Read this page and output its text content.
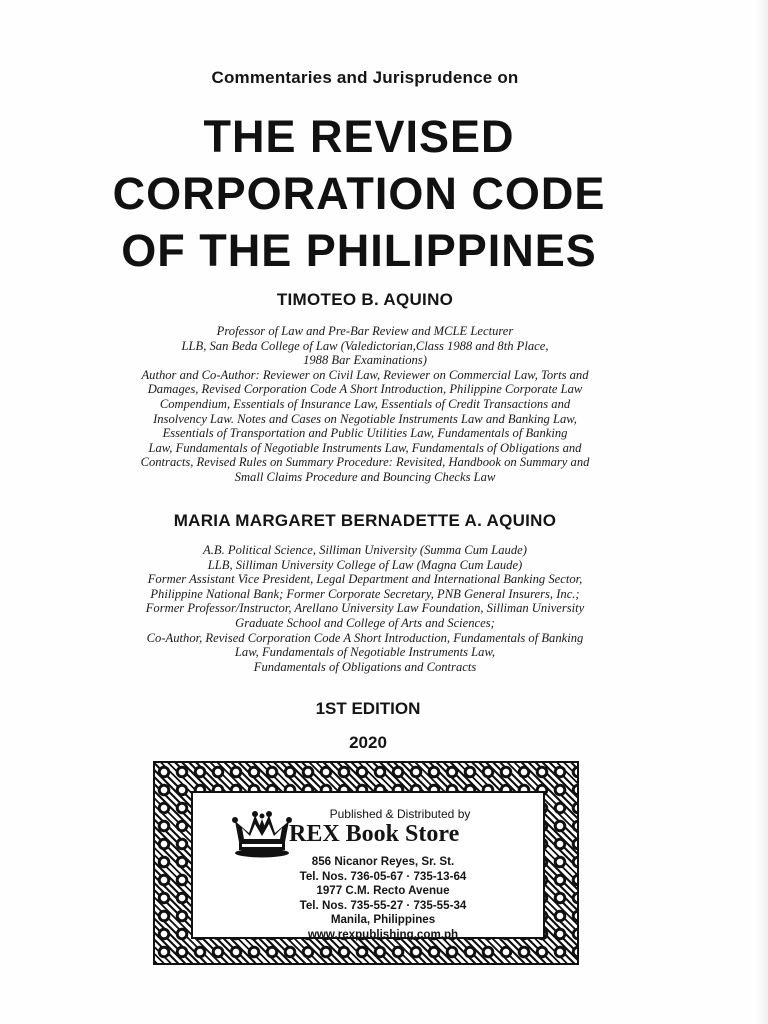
Commentaries and Jurisprudence on
THE REVISED
CORPORATION CODE
OF THE PHILIPPINES
TIMOTEO B. AQUINO
Professor of Law and Pre-Bar Review and MCLE Lecturer
LLB, San Beda College of Law (Valedictorian,Class 1988 and 8th Place,
1988 Bar Examinations)
Author and Co-Author: Reviewer on Civil Law, Reviewer on Commercial Law, Torts and
Damages, Revised Corporation Code A Short Introduction, Philippine Corporate Law
Compendium, Essentials of Insurance Law, Essentials of Credit Transactions and
Insolvency Law. Notes and Cases on Negotiable Instruments Law and Banking Law,
Essentials of Transportation and Public Utilities Law, Fundamentals of Banking
Law, Fundamentals of Negotiable Instruments Law, Fundamentals of Obligations and
Contracts, Revised Rules on Summary Procedure: Revisited, Handbook on Summary and
Small Claims Procedure and Bouncing Checks Law
MARIA MARGARET BERNADETTE A. AQUINO
A.B. Political Science, Silliman University (Summa Cum Laude)
LLB, Silliman University College of Law (Magna Cum Laude)
Former Assistant Vice President, Legal Department and International Banking Sector,
Philippine National Bank; Former Corporate Secretary, PNB General Insurers, Inc.;
Former Professor/Instructor, Arellano University Law Foundation, Silliman University
Graduate School and College of Arts and Sciences;
Co-Author, Revised Corporation Code A Short Introduction, Fundamentals of Banking
Law, Fundamentals of Negotiable Instruments Law,
Fundamentals of Obligations and Contracts
1ST EDITION
2020
Published & Distributed by
REX Book Store
856 Nicanor Reyes, Sr. St.
Tel. Nos. 736-05-67 · 735-13-64
1977 C.M. Recto Avenue
Tel. Nos. 735-55-27 · 735-55-34
Manila, Philippines
www.rexpublishing.com.ph
